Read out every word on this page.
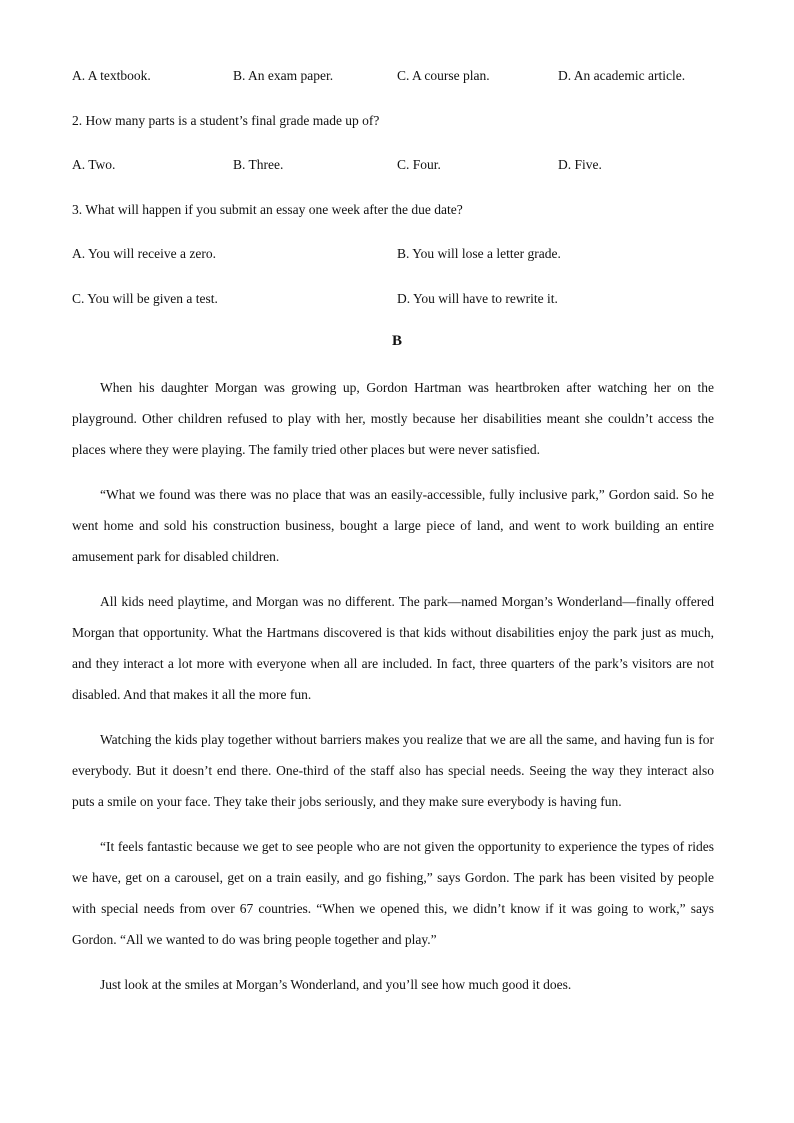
A. A textbook.	B. An exam paper.	C. A course plan.	D. An academic article.
2. How many parts is a student’s final grade made up of?
A. Two.	B. Three.	C. Four.	D. Five.
3. What will happen if you submit an essay one week after the due date?
A. You will receive a zero.	B. You will lose a letter grade.
C. You will be given a test.	D. You will have to rewrite it.
B

When his daughter Morgan was growing up, Gordon Hartman was heartbroken after watching her on the playground. Other children refused to play with her, mostly because her disabilities meant she couldn’t access the places where they were playing. The family tried other places but were never satisfied.

“What we found was there was no place that was an easily-accessible, fully inclusive park,” Gordon said. So he went home and sold his construction business, bought a large piece of land, and went to work building an entire amusement park for disabled children.

All kids need playtime, and Morgan was no different. The park—named Morgan’s Wonderland—finally offered Morgan that opportunity. What the Hartmans discovered is that kids without disabilities enjoy the park just as much, and they interact a lot more with everyone when all are included. In fact, three quarters of the park’s visitors are not disabled. And that makes it all the more fun.

Watching the kids play together without barriers makes you realize that we are all the same, and having fun is for everybody. But it doesn’t end there. One-third of the staff also has special needs. Seeing the way they interact also puts a smile on your face. They take their jobs seriously, and they make sure everybody is having fun.

“It feels fantastic because we get to see people who are not given the opportunity to experience the types of rides we have, get on a carousel, get on a train easily, and go fishing,” says Gordon. The park has been visited by people with special needs from over 67 countries. “When we opened this, we didn’t know if it was going to work,” says Gordon. “All we wanted to do was bring people together and play.”

Just look at the smiles at Morgan’s Wonderland, and you’ll see how much good it does.
